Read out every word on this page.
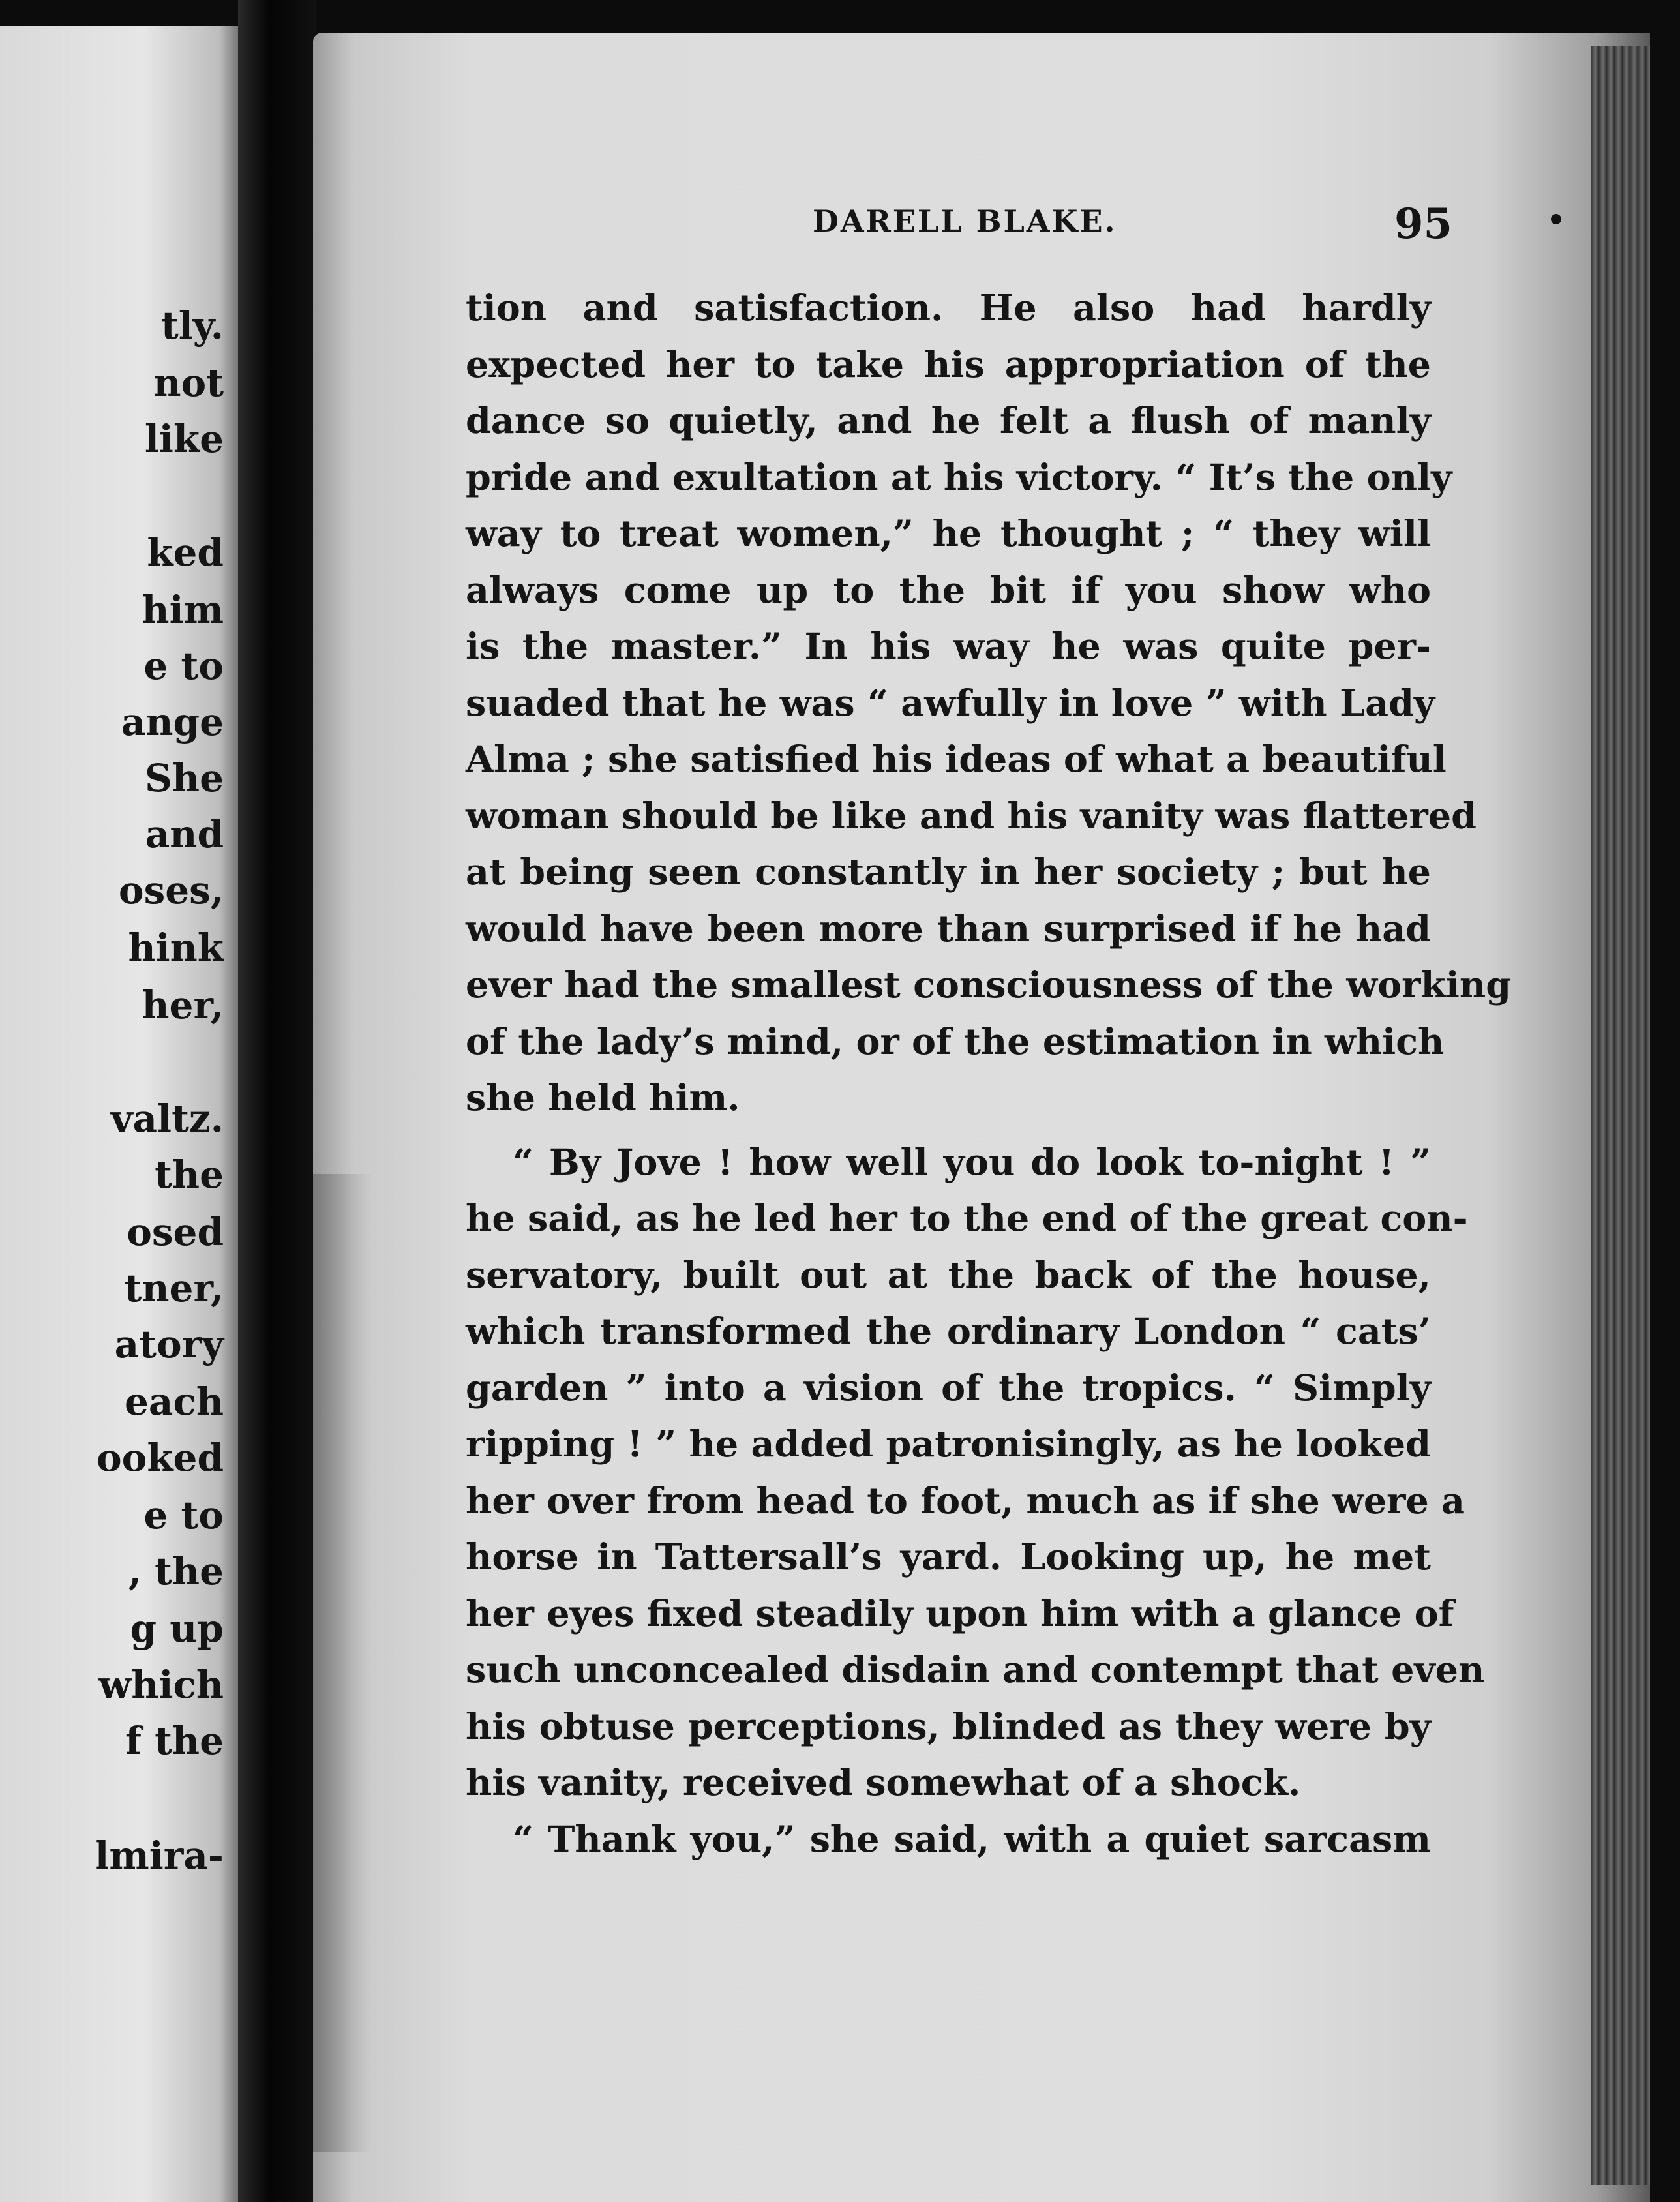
tly.
not
like
ked
him
e to
ange
She
and
oses,
hink
her,
valtz.
the
osed
tner,
atory
each
ooked
e to
, the
g up
which
f the
lmira-
DARELL BLAKE.	95
tion and satisfaction. He also had hardly
expected her to take his appropriation of the
dance so quietly, and he felt a flush of manly
pride and exultation at his victory. “ It’s the only
way to treat women,” he thought ; “ they will
always come up to the bit if you show who
is the master.” In his way he was quite per-
suaded that he was “ awfully in love ” with Lady
Alma ; she satisfied his ideas of what a beautiful
woman should be like and his vanity was flattered
at being seen constantly in her society ; but he
would have been more than surprised if he had
ever had the smallest consciousness of the working
of the lady’s mind, or of the estimation in which
she held him.
“ By Jove ! how well you do look to-night ! ”
he said, as he led her to the end of the great con-
servatory, built out at the back of the house,
which transformed the ordinary London “ cats’
garden ” into a vision of the tropics. “ Simply
ripping ! ” he added patronisingly, as he looked
her over from head to foot, much as if she were a
horse in Tattersall’s yard. Looking up, he met
her eyes fixed steadily upon him with a glance of
such unconcealed disdain and contempt that even
his obtuse perceptions, blinded as they were by
his vanity, received somewhat of a shock.
“ Thank you,” she said, with a quiet sarcasm
